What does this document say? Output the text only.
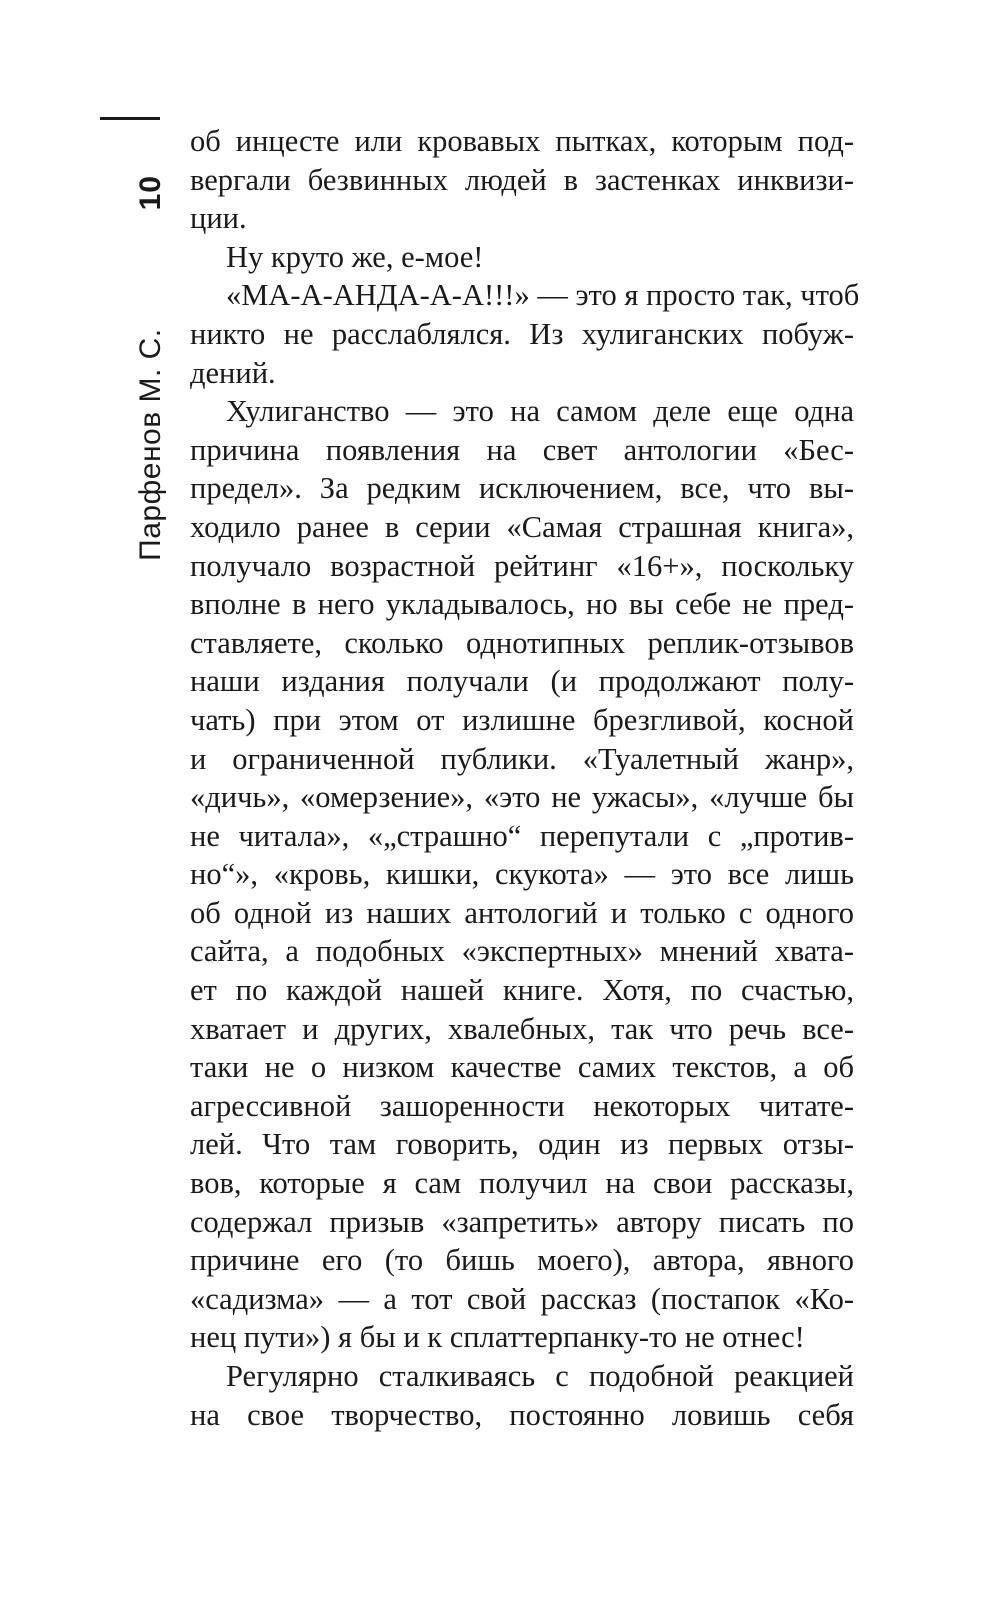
10
Парфенов М. С.
об инцесте или кровавых пытках, которым под-
вергали безвинных людей в застенках инквизи-
ции.
Ну круто же, е-мое!
«МА-А-АНДА-А-А!!!» — это я просто так, чтоб
никто не расслаблялся. Из хулиганских побуж-
дений.
Хулиганство — это на самом деле еще одна
причина появления на свет антологии «Бес-
предел». За редким исключением, все, что вы-
ходило ранее в серии «Самая страшная книга»,
получало возрастной рейтинг «16+», поскольку
вполне в него укладывалось, но вы себе не пред-
ставляете, сколько однотипных реплик-отзывов
наши издания получали (и продолжают полу-
чать) при этом от излишне брезгливой, косной
и ограниченной публики. «Туалетный жанр»,
«дичь», «омерзение», «это не ужасы», «лучше бы
не читала», «„страшно“ перепутали с „против-
но“», «кровь, кишки, скукота» — это все лишь
об одной из наших антологий и только с одного
сайта, а подобных «экспертных» мнений хвата-
ет по каждой нашей книге. Хотя, по счастью,
хватает и других, хвалебных, так что речь все-
таки не о низком качестве самих текстов, а об
агрессивной зашоренности некоторых читате-
лей. Что там говорить, один из первых отзы-
вов, которые я сам получил на свои рассказы,
содержал призыв «запретить» автору писать по
причине его (то бишь моего), автора, явного
«садизма» — а тот свой рассказ (постапок «Ко-
нец пути») я бы и к сплаттерпанку-то не отнес!
Регулярно сталкиваясь с подобной реакцией
на свое творчество, постоянно ловишь себя
